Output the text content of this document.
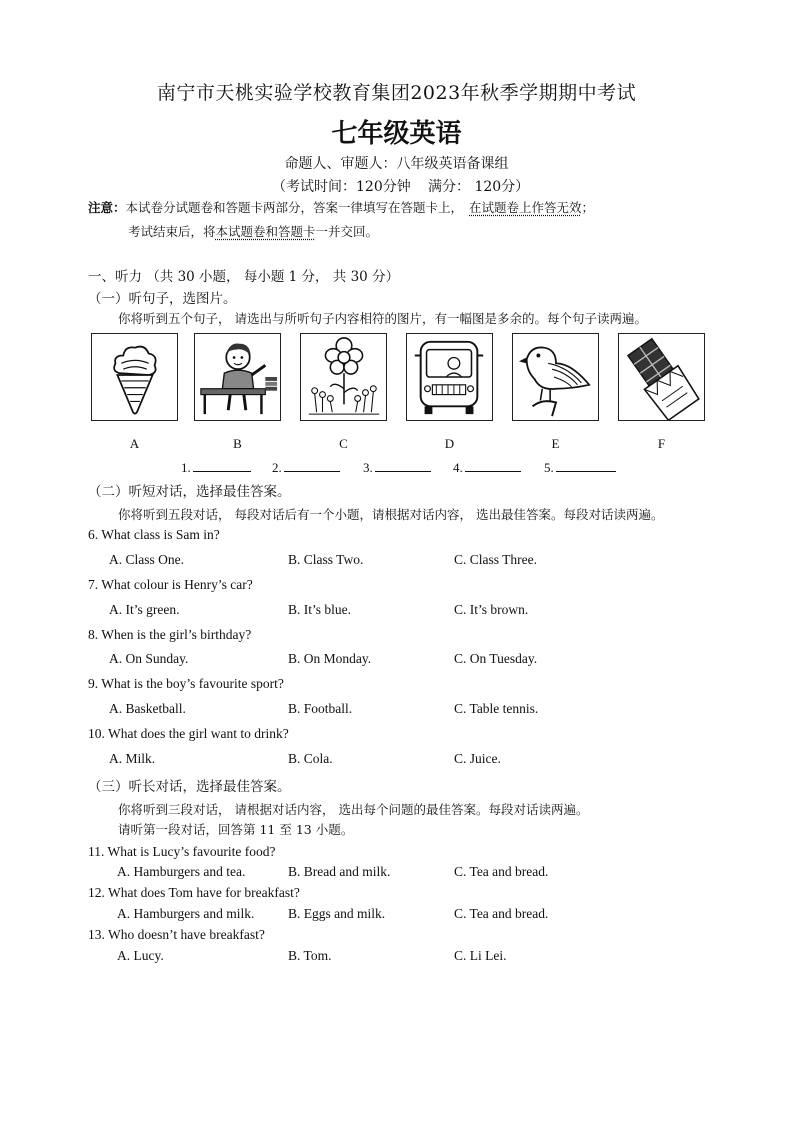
南宁市天桃实验学校教育集团2023年秋季学期期中考试
七年级英语
命题人、审题人：八年级英语备课组
（考试时间：120分钟 满分： 120分）
注意：本试卷分试题卷和答题卡两部分，答案一律填写在答题卡上， 在试题卷上作答无效；
考试结束后，将本试题卷和答题卡一并交回。
一、听力 （共 30 小题， 每小题 1 分， 共 30 分）
（一）听句子，选图片。
你将听到五个句子， 请选出与所听句子内容相符的图片，有一幅图是多余的。每个句子读两遍。
A	B	C	D	E	F
1.	2.	3.	4.	5.
（二）听短对话，选择最佳答案。
你将听到五段对话， 每段对话后有一个小题，请根据对话内容， 选出最佳答案。每段对话读两遍。
6. What class is Sam in?
A. Class One.	B. Class Two.	C. Class Three.
7. What colour is Henry’s car?
A. It’s green.	B. It’s blue.	C. It’s brown.
8. When is the girl’s birthday?
A. On Sunday.	B. On Monday.	C. On Tuesday.
9. What is the boy’s favourite sport?
A. Basketball.	B. Football.	C. Table tennis.
10. What does the girl want to drink?
A. Milk.	B. Cola.	C. Juice.
（三）听长对话，选择最佳答案。
你将听到三段对话， 请根据对话内容， 选出每个问题的最佳答案。每段对话读两遍。
请听第一段对话，回答第 11 至 13 小题。
11. What is Lucy’s favourite food?
A. Hamburgers and tea.	B. Bread and milk.	C. Tea and bread.
12. What does Tom have for breakfast?
A. Hamburgers and milk. B. Eggs and milk.	C. Tea and bread.
13. Who doesn’t have breakfast?
A. Lucy.	B. Tom.	C. Li Lei.
